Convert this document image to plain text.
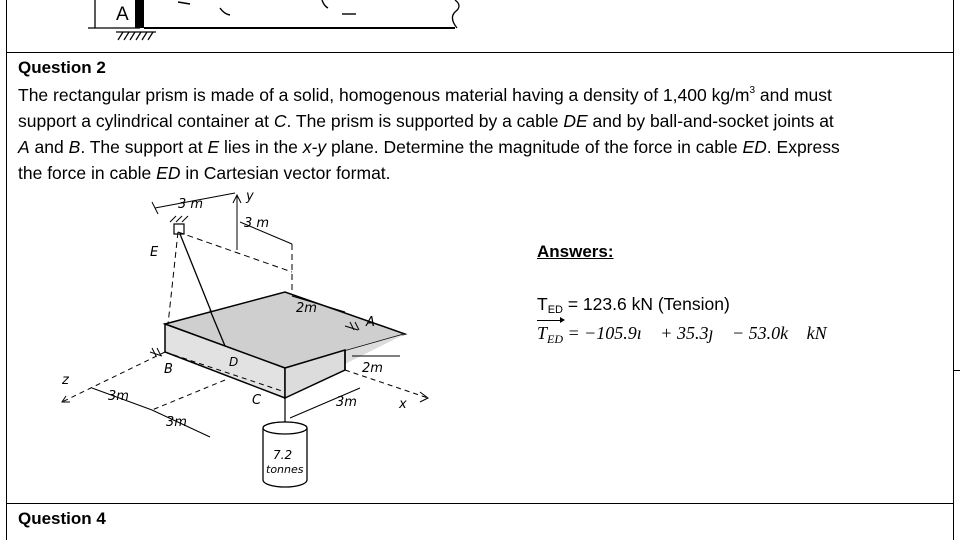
A
Question 2
The rectangular prism is made of a solid, homogenous material having a density of 1,400 $kg/m^3$ and must
support a cylindrical container at C. The prism is supported by a cable DE and by ball-and-socket joints at
A and B. The support at E lies in the x-y plane. Determine the magnitude of the force in cable ED. Express
the force in cable ED in Cartesian vector format.
3 m
y
3 m
E
D
2m
A
2m
B
z
3m
3m
C	x
3m
7.2
tonnes
Answers:
$T_{ED} = 123.6$ kN (Tension)
$T_{ED}$ = −105.9ı⃗ + 35.3ȷ⃗ − 53.0k⃗ kN
Question 4
